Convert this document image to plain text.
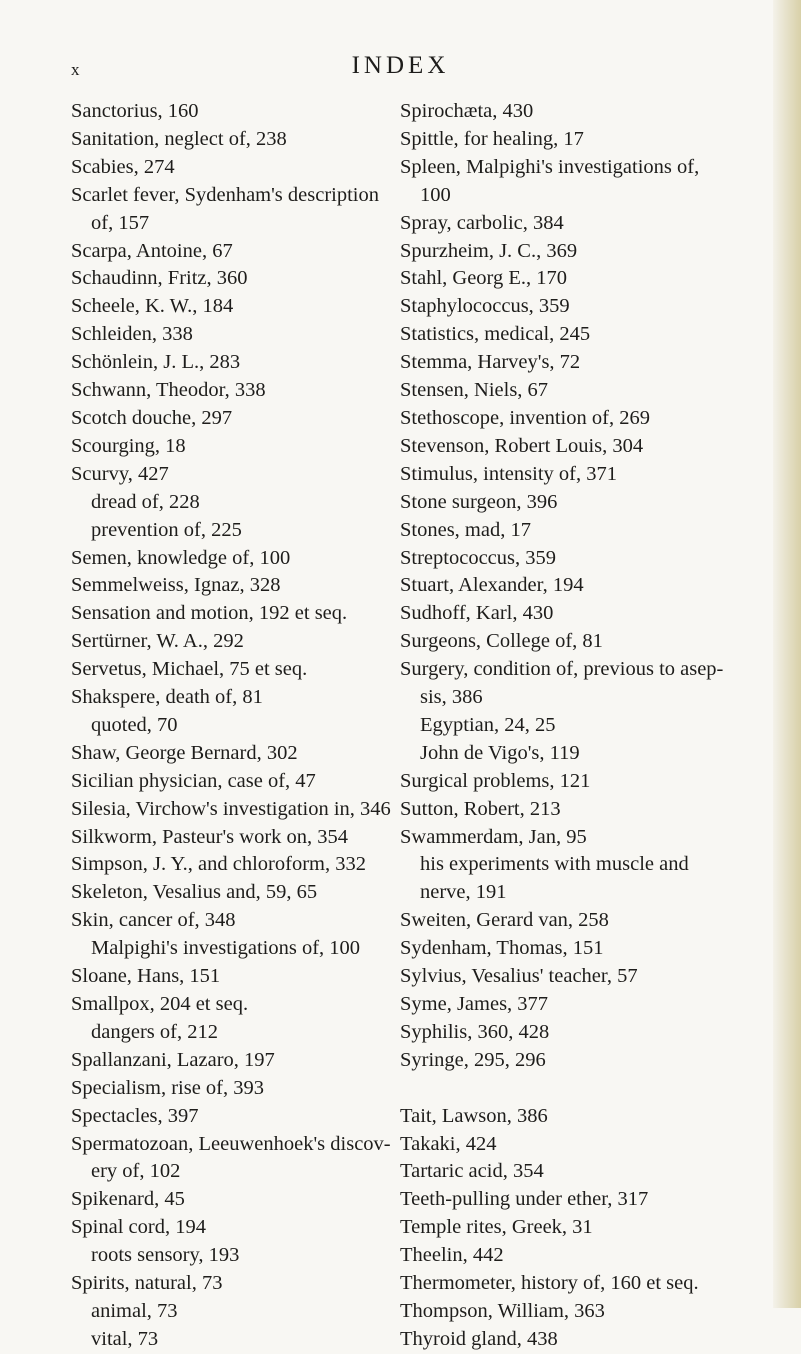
x	INDEX
Sanctorius, 160
Sanitation, neglect of, 238
Scabies, 274
Scarlet fever, Sydenham's description
of, 157
Scarpa, Antoine, 67
Schaudinn, Fritz, 360
Scheele, K. W., 184
Schleiden, 338
Schönlein, J. L., 283
Schwann, Theodor, 338
Scotch douche, 297
Scourging, 18
Scurvy, 427
dread of, 228
prevention of, 225
Semen, knowledge of, 100
Semmelweiss, Ignaz, 328
Sensation and motion, 192 et seq.
Sertürner, W. A., 292
Servetus, Michael, 75 et seq.
Shakspere, death of, 81
quoted, 70
Shaw, George Bernard, 302
Sicilian physician, case of, 47
Silesia, Virchow's investigation in, 346
Silkworm, Pasteur's work on, 354
Simpson, J. Y., and chloroform, 332
Skeleton, Vesalius and, 59, 65
Skin, cancer of, 348
Malpighi's investigations of, 100
Sloane, Hans, 151
Smallpox, 204 et seq.
dangers of, 212
Spallanzani, Lazaro, 197
Specialism, rise of, 393
Spectacles, 397
Spermatozoan, Leeuwenhoek's discov-
ery of, 102
Spikenard, 45
Spinal cord, 194
roots sensory, 193
Spirits, natural, 73
animal, 73
vital, 73
Spirochæta, 430
Spittle, for healing, 17
Spleen, Malpighi's investigations of,
100
Spray, carbolic, 384
Spurzheim, J. C., 369
Stahl, Georg E., 170
Staphylococcus, 359
Statistics, medical, 245
Stemma, Harvey's, 72
Stensen, Niels, 67
Stethoscope, invention of, 269
Stevenson, Robert Louis, 304
Stimulus, intensity of, 371
Stone surgeon, 396
Stones, mad, 17
Streptococcus, 359
Stuart, Alexander, 194
Sudhoff, Karl, 430
Surgeons, College of, 81
Surgery, condition of, previous to asep-
sis, 386
Egyptian, 24, 25
John de Vigo's, 119
Surgical problems, 121
Sutton, Robert, 213
Swammerdam, Jan, 95
his experiments with muscle and
nerve, 191
Sweiten, Gerard van, 258
Sydenham, Thomas, 151
Sylvius, Vesalius' teacher, 57
Syme, James, 377
Syphilis, 360, 428
Syringe, 295, 296
Tait, Lawson, 386
Takaki, 424
Tartaric acid, 354
Teeth-pulling under ether, 317
Temple rites, Greek, 31
Theelin, 442
Thermometer, history of, 160 et seq.
Thompson, William, 363
Thyroid gland, 438
